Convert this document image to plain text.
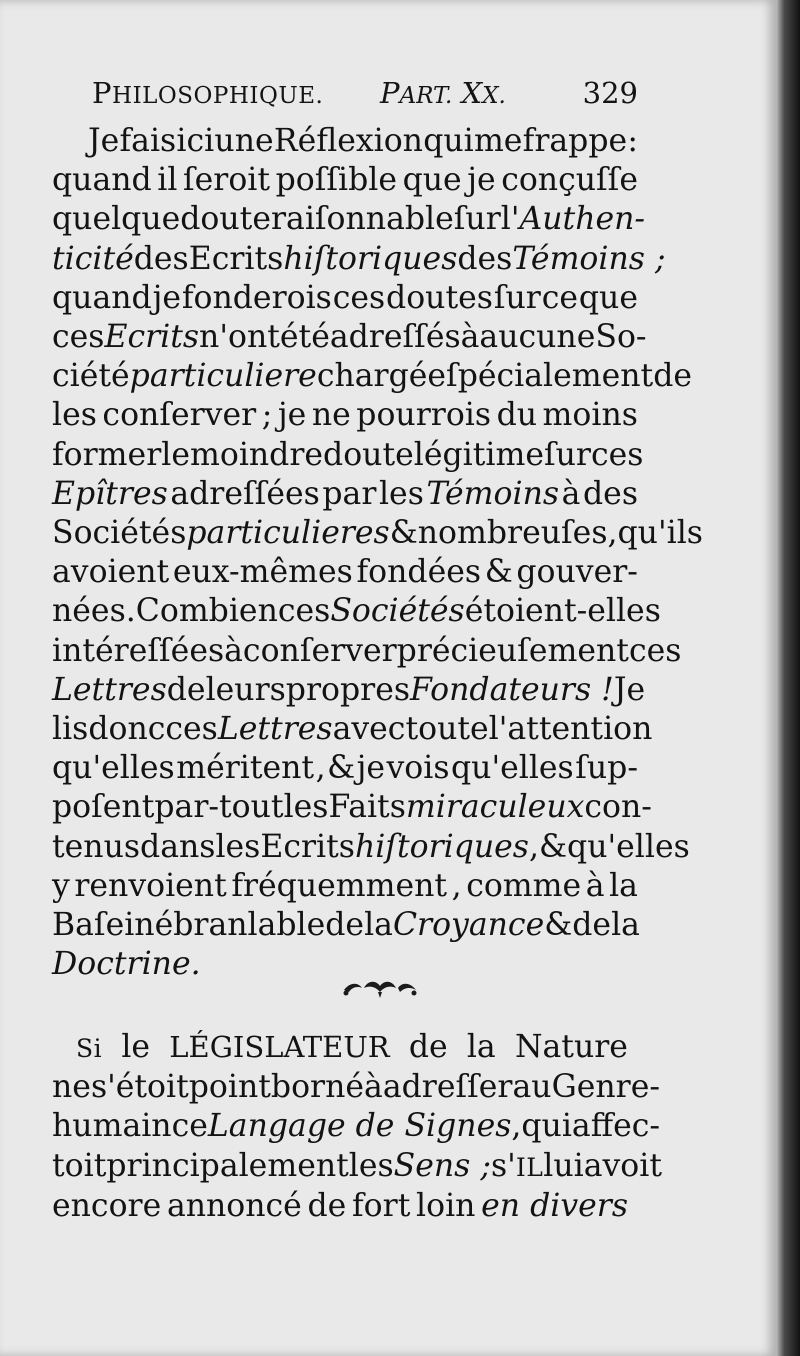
PHILOSOPHIQUE. PART. XX.	329
Je fais ici une Réflexion qui me frappe :
quand il ſeroit poſſible que je conçuſſe
quelque doute raiſonnable ſur l'Authen-
ticité des Ecrits hiſtoriques des Témoins ;
quand je fonderois ces doutes ſur ce que
ces Ecrits n'ont été adreſſés à aucune So-
ciété particuliere chargée ſpécialement de
les conſerver ; je ne pourrois du moins
former le moindre doute légitime ſur ces
Epîtres adreſſées par les Témoins à des
Sociétés particulieres & nombreuſes , qu'ils
avoient eux-mêmes fondées & gouver-
nées. Combien ces Sociétés étoient-elles
intéreſſées à conſerver précieuſement ces
Lettres de leurs propres Fondateurs ! Je
lis donc ces Lettres avec toute l'attention
qu'elles méritent , & je vois qu'elles ſup-
poſent par-tout les Faits miraculeux con-
tenus dans les Ecrits hiſtoriques , & qu'elles
y renvoient fréquemment , comme à la
Baſe inébranlable de la Croyance & de la
Doctrine.
Si le LÉGISLATEUR de la Nature
ne s'étoit point borné à adreſſer au Genre-
humain ce Langage de Signes , qui affec-
toit principalement les Sens ; s'IL lui avoit
encore annoncé de fort loin en divers
